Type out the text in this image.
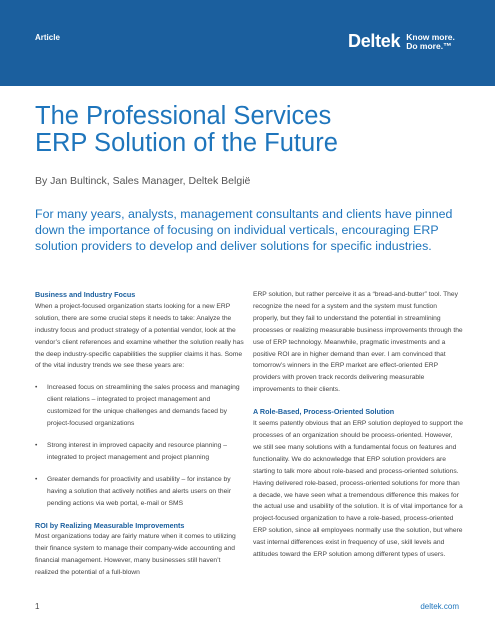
Article	Deltek Know more.
Do more.™
The Professional Services
ERP Solution of the Future
By Jan Bultinck, Sales Manager, Deltek België

For many years, analysts, management consultants and clients have pinned down the importance of focusing on individual verticals, encouraging ERP solution providers to develop and deliver solutions for specific industries.

Business and Industry Focus

When a project-focused organization starts looking for a new ERP solution, there are some crucial steps it needs to take: Analyze the industry focus and product strategy of a potential vendor, look at the vendor’s client references and examine whether the solution really has the deep industry-specific capabilities the supplier claims it has. Some of the vital industry trends we see these years are:

• Increased focus on streamlining the sales process and managing client relations – integrated to project management and customized for the unique challenges and demands faced by project-focused organizations
• Strong interest in improved capacity and resource planning – integrated to project management and project planning
• Greater demands for proactivity and usability – for instance by having a solution that actively notifies and alerts users on their pending actions via web portal, e-mail or SMS
ROI by Realizing Measurable Improvements

Most organizations today are fairly mature when it comes to utilizing their finance system to manage their company-wide accounting and financial management. However, many businesses still haven’t realized the potential of a full-blown

ERP solution, but rather perceive it as a “bread-and-butter” tool. They recognize the need for a system and the system must function properly, but they fail to understand the potential in streamlining processes or realizing measurable business improvements through the use of ERP technology. Meanwhile, pragmatic investments and a positive ROI are in higher demand than ever. I am convinced that tomorrow’s winners in the ERP market are effect-oriented ERP providers with proven track records delivering measurable improvements to their clients.

A Role-Based, Process-Oriented Solution

It seems patently obvious that an ERP solution deployed to support the processes of an organization should be process-oriented. However, we still see many solutions with a fundamental focus on features and functionality. We do acknowledge that ERP solution providers are starting to talk more about role-based and process-oriented solutions. Having delivered role-based, process-oriented solutions for more than a decade, we have seen what a tremendous difference this makes for the actual use and usability of the solution. It is of vital importance for a project-focused organization to have a role-based, process-oriented ERP solution, since all employees normally use the solution, but where vast internal differences exist in frequency of use, skill levels and attitudes toward the ERP solution among different types of users.

1	deltek.com
